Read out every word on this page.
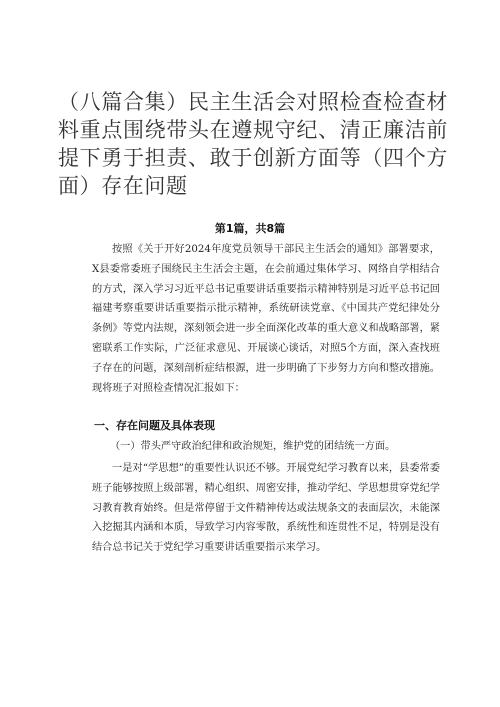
（八篇合集）民主生活会对照检查检查材料重点围绕带头在遵规守纪、清正廉洁前提下勇于担责、敢于创新方面等（四个方面）存在问题
第1篇，共8篇
按照《关于开好2024年度党员领导干部民主生活会的通知》部署要求，X县委常委班子围绕民主生活会主题，在会前通过集体学习、网络自学相结合的方式，深入学习习近平总书记重要讲话重要指示精神特别是习近平总书记回福建考察重要讲话重要指示批示精神，系统研读党章、《中国共产党纪律处分条例》等党内法规，深刻领会进一步全面深化改革的重大意义和战略部署，紧密联系工作实际，广泛征求意见、开展谈心谈话，对照5个方面，深入查找班子存在的问题，深刻剖析症结根源，进一步明确了下步努力方向和整改措施。现将班子对照检查情况汇报如下：
一、存在问题及具体表现
（一）带头严守政治纪律和政治规矩，维护党的团结统一方面。
一是对“学思想”的重要性认识还不够。开展党纪学习教育以来，县委常委班子能够按照上级部署，精心组织、周密安排，推动学纪、学思想贯穿党纪学习教育教育始终。但是常停留于文件精神传达或法规条文的表面层次，未能深入挖掘其内涵和本质，导致学习内容零散，系统性和连贯性不足，特别是没有结合总书记关于党纪学习重要讲话重要指示来学习。
